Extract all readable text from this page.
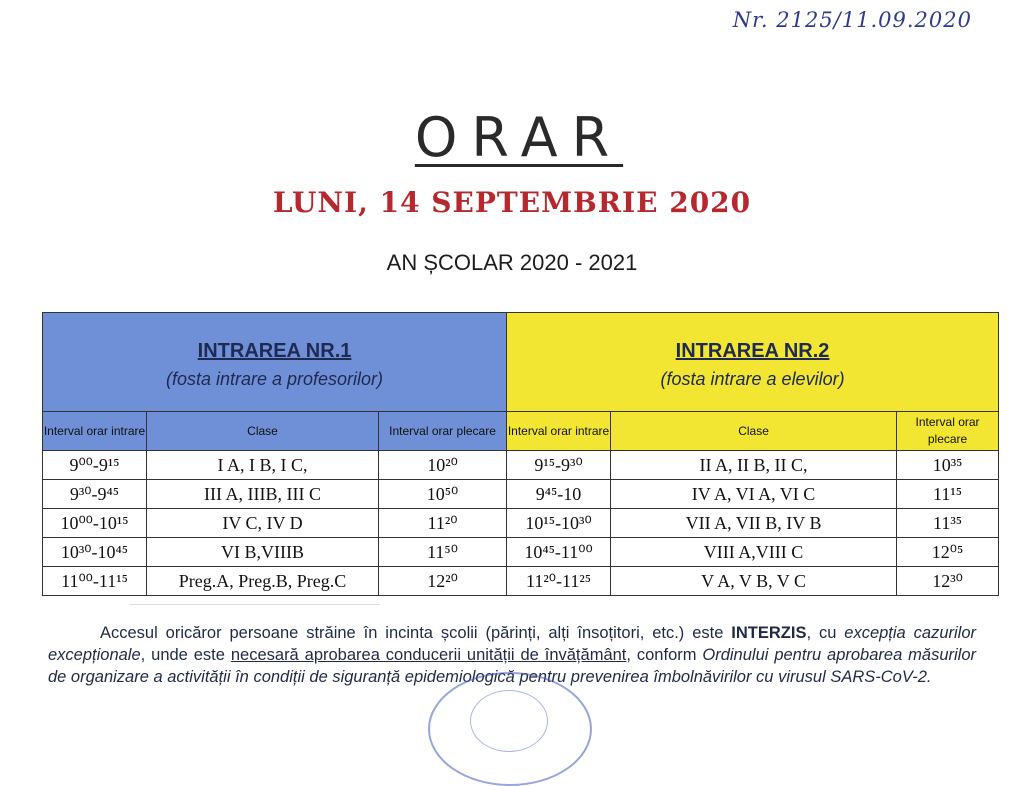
Nr. 2125/11.09.2020
ORAR
LUNI, 14 SEPTEMBRIE 2020
AN ȘCOLAR 2020 - 2021
INTRAREA NR.1
(fosta intrare a profesorilor)			INTRAREA NR.2
(fosta intrare a elevilor)		

Interval orar intrare	Clase	Interval orar plecare	Interval orar intrare	Clase	Interval orar plecare
9⁰⁰-9¹⁵	I A, I B, I C,	10²⁰	9¹⁵-9³⁰	II A, II B, II C,	10³⁵
9³⁰-9⁴⁵	III A, IIIB, III C	10⁵⁰	9⁴⁵-10	IV A, VI A, VI C	11¹⁵
10⁰⁰-10¹⁵	IV C, IV D	11²⁰	10¹⁵-10³⁰	VII A, VII B, IV B	11³⁵
10³⁰-10⁴⁵	VI B,VIIIB	11⁵⁰	10⁴⁵-11⁰⁰	VIII A,VIII C	12⁰⁵
11⁰⁰-11¹⁵	Preg.A, Preg.B, Preg.C	12²⁰	11²⁰-11²⁵	V A, V B, V C	12³⁰
Accesul oricăror persoane străine în incinta școlii (părinți, alți însoțitori, etc.) este INTERZIS, cu excepția cazurilor excepționale, unde este necesară aprobarea conducerii unității de învățământ, conform Ordinului pentru aprobarea măsurilor de organizare a activității în condiții de siguranță epidemiologică pentru prevenirea îmbolnăvirilor cu virusul SARS-CoV-2.
